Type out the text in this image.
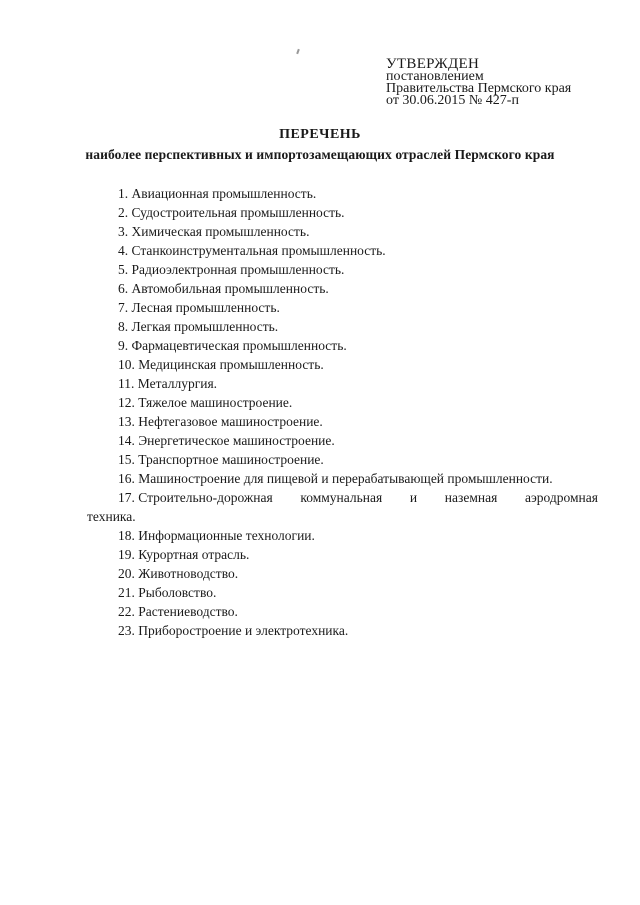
УТВЕРЖДЕН
постановлением
Правительства Пермского края
от 30.06.2015 № 427-п
ПЕРЕЧЕНЬ
наиболее перспективных и импортозамещающих отраслей Пермского края
1. Авиационная промышленность.
2. Судостроительная промышленность.
3. Химическая промышленность.
4. Станкоинструментальная промышленность.
5. Радиоэлектронная промышленность.
6. Автомобильная промышленность.
7. Лесная промышленность.
8. Легкая промышленность.
9. Фармацевтическая промышленность.
10. Медицинская промышленность.
11. Металлургия.
12. Тяжелое машиностроение.
13. Нефтегазовое машиностроение.
14. Энергетическое машиностроение.
15. Транспортное машиностроение.
16. Машиностроение для пищевой и перерабатывающей промышленности.
17. Строительно-дорожная коммунальная и наземная аэродромная
техника.
18. Информационные технологии.
19. Курортная отрасль.
20. Животноводство.
21. Рыболовство.
22. Растениеводство.
23. Приборостроение и электротехника.
